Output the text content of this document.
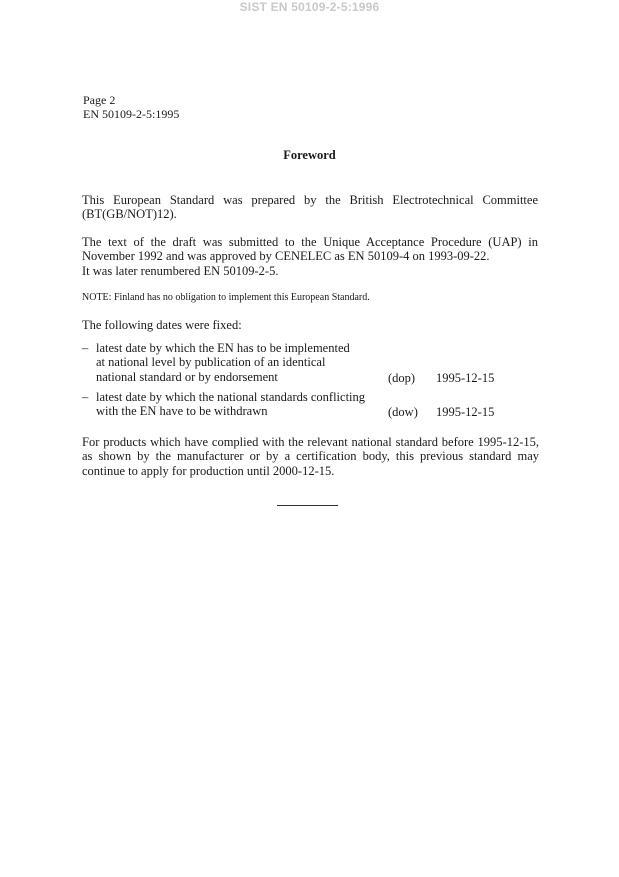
SIST EN 50109-2-5:1996
Page 2
EN 50109-2-5:1995
Foreword
This European Standard was prepared by the British Electrotechnical Committee
(BT(GB/NOT)12).
The text of the draft was submitted to the Unique Acceptance Procedure (UAP) in
November 1992 and was approved by CENELEC as EN 50109-4 on 1993-09-22.
It was later renumbered EN 50109-2-5.
NOTE: Finland has no obligation to implement this European Standard.
The following dates were fixed:
– latest date by which the EN has to be implemented
at national level by publication of an identical
national standard or by endorsement	(dop) 1995-12-15
– latest date by which the national standards conflicting
with the EN have to be withdrawn	(dow) 1995-12-15
For products which have complied with the relevant national standard before 1995-12-15,
as shown by the manufacturer or by a certification body, this previous standard may
continue to apply for production until 2000-12-15.
